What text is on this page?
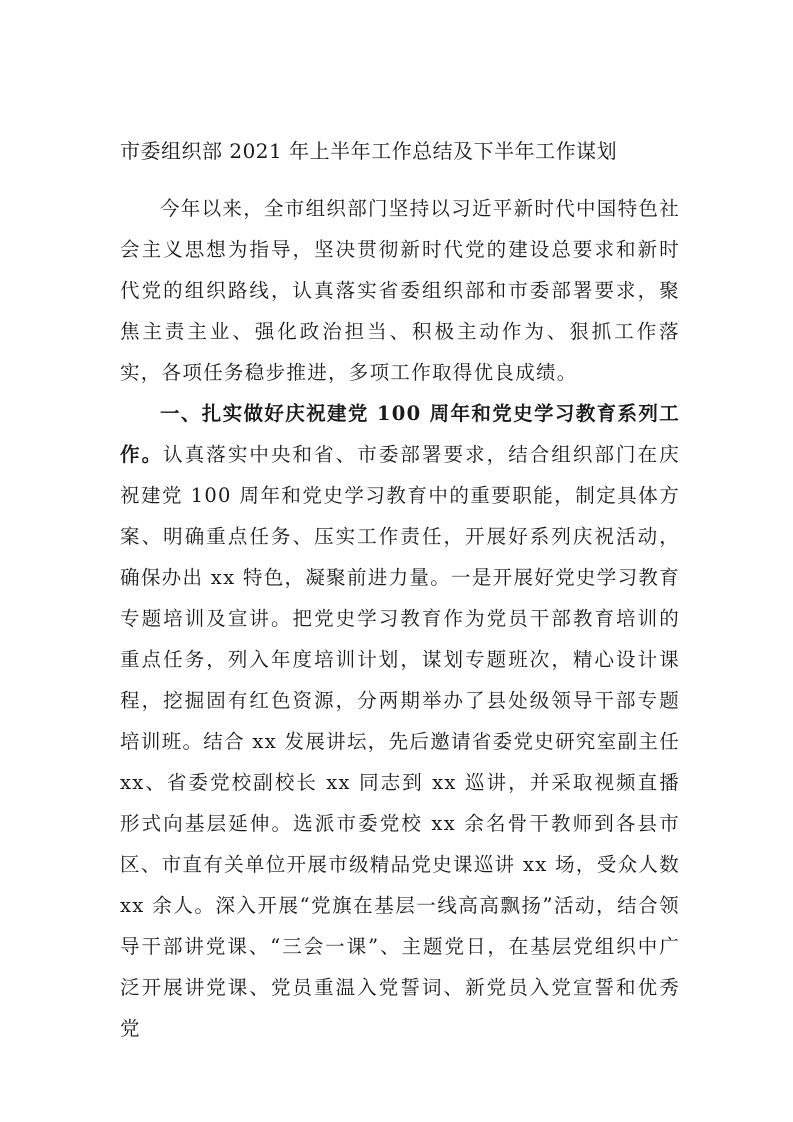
市委组织部 2021 年上半年工作总结及下半年工作谋划

今年以来，全市组织部门坚持以习近平新时代中国特色社会主义思想为指导，坚决贯彻新时代党的建设总要求和新时代党的组织路线，认真落实省委组织部和市委部署要求，聚焦主责主业、强化政治担当、积极主动作为、狠抓工作落实，各项任务稳步推进，多项工作取得优良成绩。

一、扎实做好庆祝建党 100 周年和党史学习教育系列工作。认真落实中央和省、市委部署要求，结合组织部门在庆祝建党 100 周年和党史学习教育中的重要职能，制定具体方案、明确重点任务、压实工作责任，开展好系列庆祝活动，确保办出 xx 特色，凝聚前进力量。一是开展好党史学习教育专题培训及宣讲。把党史学习教育作为党员干部教育培训的重点任务，列入年度培训计划，谋划专题班次，精心设计课程，挖掘固有红色资源，分两期举办了县处级领导干部专题培训班。结合 xx 发展讲坛，先后邀请省委党史研究室副主任 xx、省委党校副校长 xx 同志到 xx 巡讲，并采取视频直播形式向基层延伸。选派市委党校 xx 余名骨干教师到各县市区、市直有关单位开展市级精品党史课巡讲 xx 场，受众人数 xx 余人。深入开展“党旗在基层一线高高飘扬”活动，结合领导干部讲党课、“三会一课”、主题党日，在基层党组织中广泛开展讲党课、党员重温入党誓词、新党员入党宣誓和优秀党
